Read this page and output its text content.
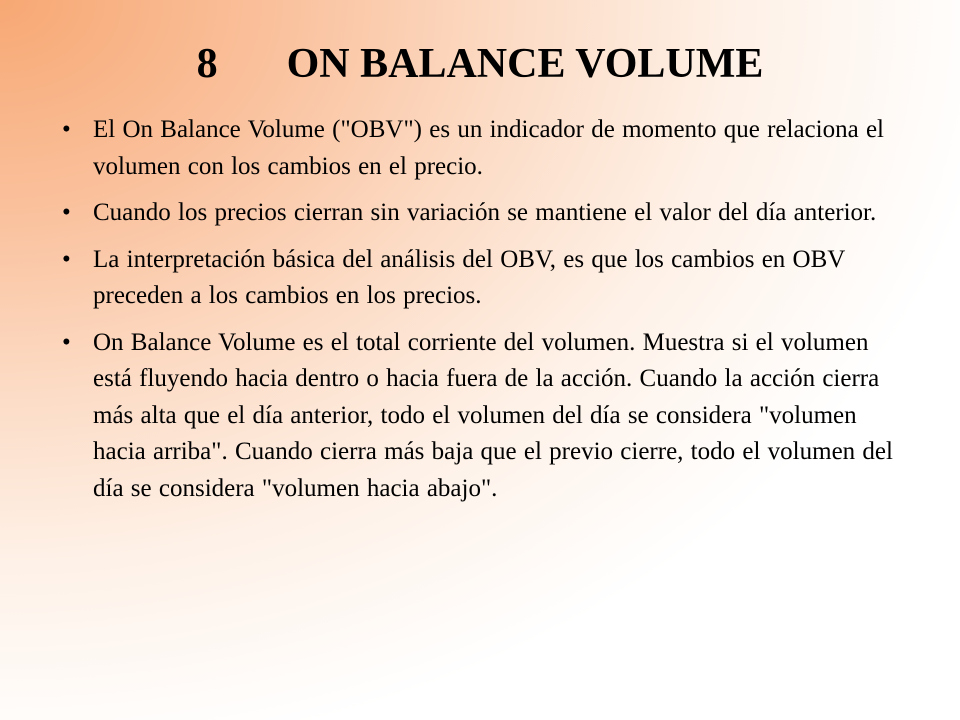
8	ON BALANCE VOLUME
• El On Balance Volume ("OBV") es un indicador de momento que relaciona el volumen con los cambios en el precio.
• Cuando los precios cierran sin variación se mantiene el valor del día anterior.
• La interpretación básica del análisis del OBV, es que los cambios en OBV preceden a los cambios en los precios.
• On Balance Volume es el total corriente del volumen. Muestra si el volumen está fluyendo hacia dentro o hacia fuera de la acción. Cuando la acción cierra más alta que el día anterior, todo el volumen del día se considera "volumen hacia arriba". Cuando cierra más baja que el previo cierre, todo el volumen del día se considera "volumen hacia abajo".
